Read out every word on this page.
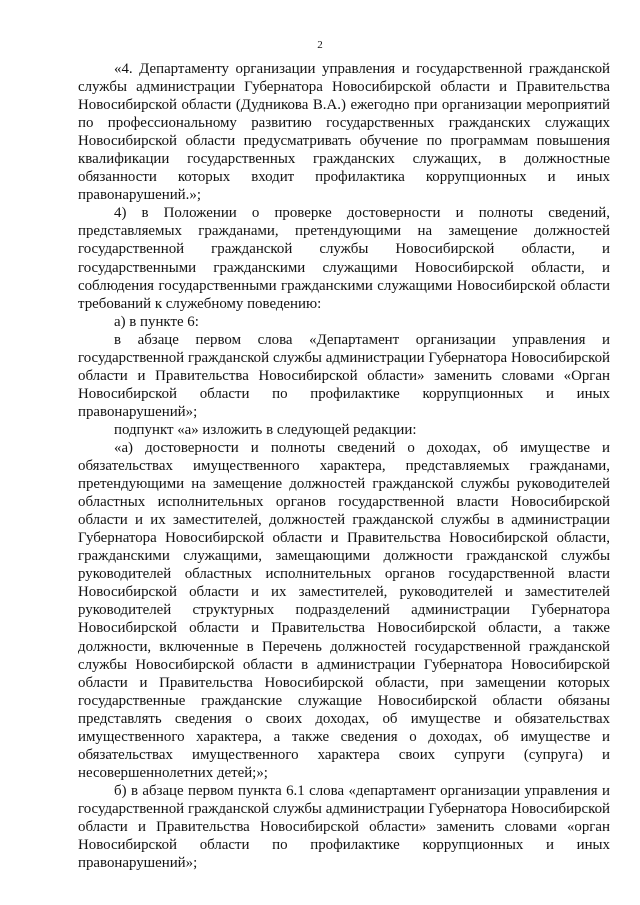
2

«4. Департаменту организации управления и государственной гражданской службы администрации Губернатора Новосибирской области и Правительства Новосибирской области (Дудникова В.А.) ежегодно при организации мероприятий по профессиональному развитию государственных гражданских служащих Новосибирской области предусматривать обучение по программам повышения квалификации государственных гражданских служащих, в должностные обязанности которых входит профилактика коррупционных и иных правонарушений.»;

4) в Положении о проверке достоверности и полноты сведений, представляемых гражданами, претендующими на замещение должностей государственной гражданской службы Новосибирской области, и государственными гражданскими служащими Новосибирской области, и соблюдения государственными гражданскими служащими Новосибирской области требований к служебному поведению:

а) в пункте 6:

в абзаце первом слова «Департамент организации управления и государственной гражданской службы администрации Губернатора Новосибирской области и Правительства Новосибирской области» заменить словами «Орган Новосибирской области по профилактике коррупционных и иных правонарушений»;

подпункт «а» изложить в следующей редакции:

«а) достоверности и полноты сведений о доходах, об имуществе и обязательствах имущественного характера, представляемых гражданами, претендующими на замещение должностей гражданской службы руководителей областных исполнительных органов государственной власти Новосибирской области и их заместителей, должностей гражданской службы в администрации Губернатора Новосибирской области и Правительства Новосибирской области, гражданскими служащими, замещающими должности гражданской службы руководителей областных исполнительных органов государственной власти Новосибирской области и их заместителей, руководителей и заместителей руководителей структурных подразделений администрации Губернатора Новосибирской области и Правительства Новосибирской области, а также должности, включенные в Перечень должностей государственной гражданской службы Новосибирской области в администрации Губернатора Новосибирской области и Правительства Новосибирской области, при замещении которых государственные гражданские служащие Новосибирской области обязаны представлять сведения о своих доходах, об имуществе и обязательствах имущественного характера, а также сведения о доходах, об имуществе и обязательствах имущественного характера своих супруги (супруга) и несовершеннолетних детей;»;

б) в абзаце первом пункта 6.1 слова «департамент организации управления и государственной гражданской службы администрации Губернатора Новосибирской области и Правительства Новосибирской области» заменить словами «орган Новосибирской области по профилактике коррупционных и иных правонарушений»;
